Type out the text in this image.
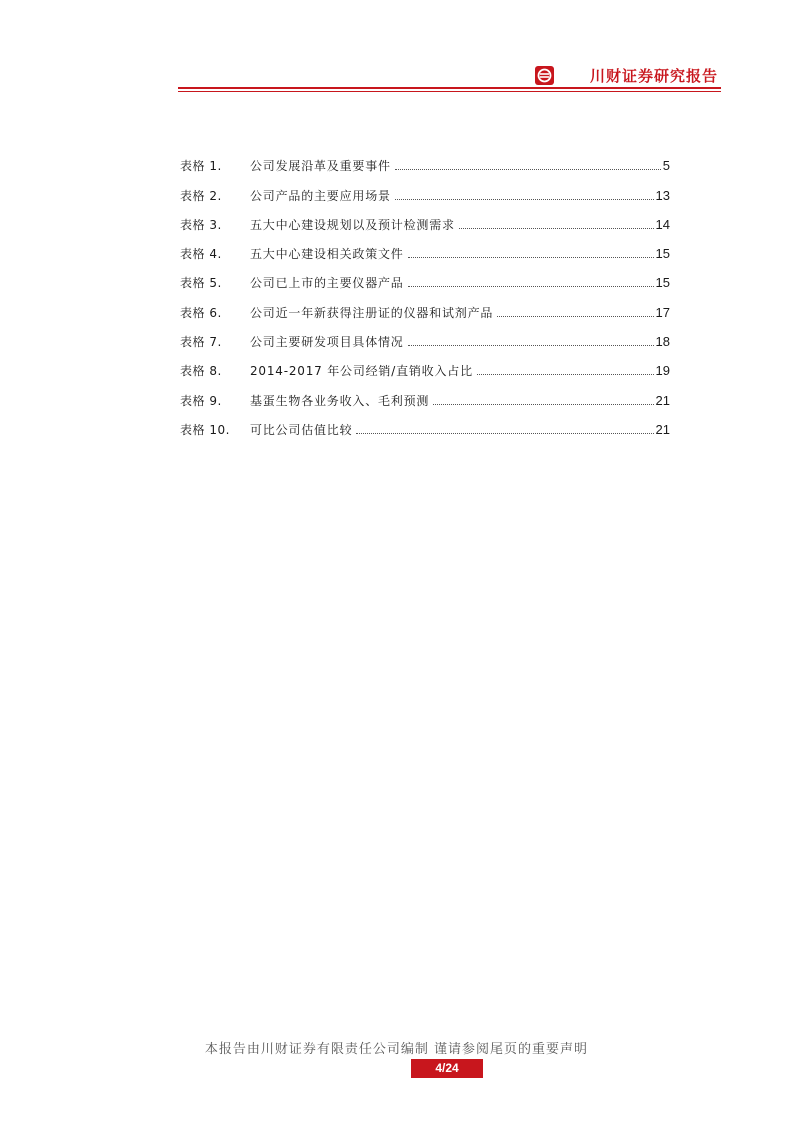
川财证券研究报告
表格 1.	公司发展沿革及重要事件	5
表格 2.	公司产品的主要应用场景	13
表格 3.	五大中心建设规划以及预计检测需求	14
表格 4.	五大中心建设相关政策文件	15
表格 5.	公司已上市的主要仪器产品	15
表格 6.	公司近一年新获得注册证的仪器和试剂产品	17
表格 7.	公司主要研发项目具体情况	18
表格 8.	2014-2017 年公司经销/直销收入占比	19
表格 9.	基蛋生物各业务收入、毛利预测	21
表格 10.	可比公司估值比较	21
本报告由川财证券有限责任公司编制 谨请参阅尾页的重要声明
4/24
